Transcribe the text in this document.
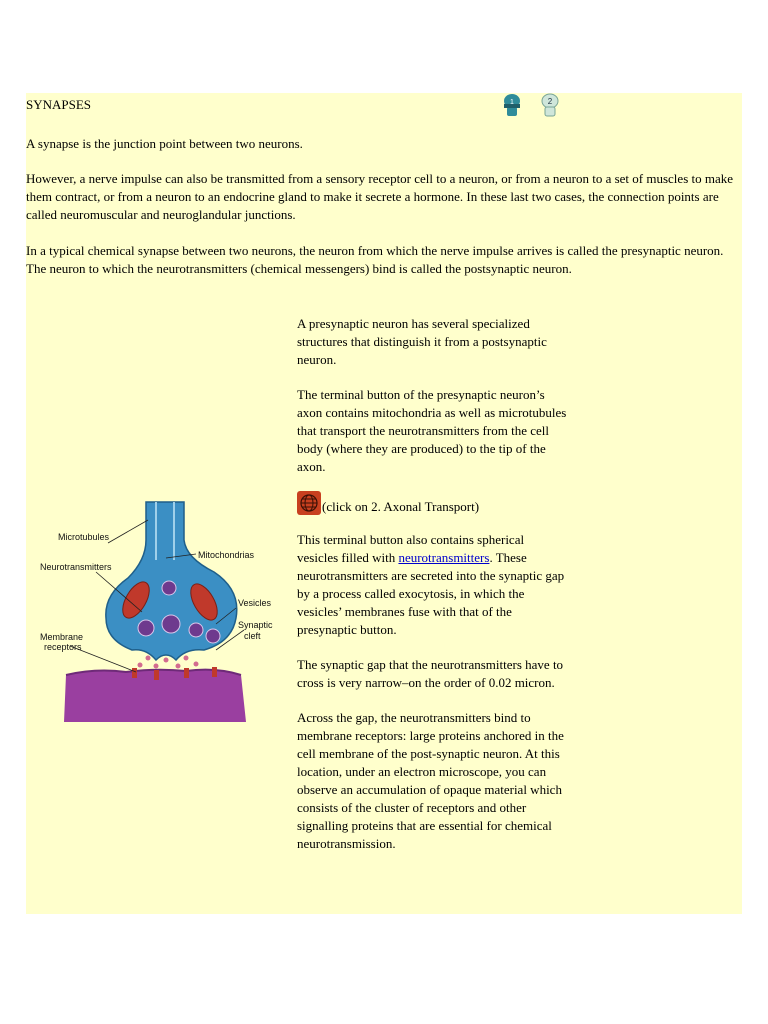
SYNAPSES	1	2

A synapse is the junction point between two neurons.

However, a nerve impulse can also be transmitted from a sensory receptor cell to a neuron, or from a neuron to a set of muscles to make them contract, or from a neuron to an endocrine gland to make it secrete a hormone. In these last two cases, the connection points are called neuromuscular and neuroglandular junctions.

In a typical chemical synapse between two neurons, the neuron from which the nerve impulse arrives is called the presynaptic neuron. The neuron to which the neurotransmitters (chemical messengers) bind is called the postsynaptic neuron.

Microtubules
Mitochondrias
Neurotransmitters
Vesicles
Synaptic
cleft
Membrane
receptors

A presynaptic neuron has several specialized structures that distinguish it from a postsynaptic neuron.

The terminal button of the presynaptic neuron’s axon contains mitochondria as well as microtubules that transport the neurotransmitters from the cell body (where they are produced) to the tip of the axon.

(click on 2. Axonal Transport)

This terminal button also contains spherical vesicles filled with neurotransmitters. These neurotransmitters are secreted into the synaptic gap by a process called exocytosis, in which the vesicles’ membranes fuse with that of the presynaptic button.

The synaptic gap that the neurotransmitters have to cross is very narrow–on the order of 0.02 micron.

Across the gap, the neurotransmitters bind to membrane receptors: large proteins anchored in the cell membrane of the post-synaptic neuron. At this location, under an electron microscope, you can observe an accumulation of opaque material which consists of the cluster of receptors and other signalling proteins that are essential for chemical neurotransmission.
